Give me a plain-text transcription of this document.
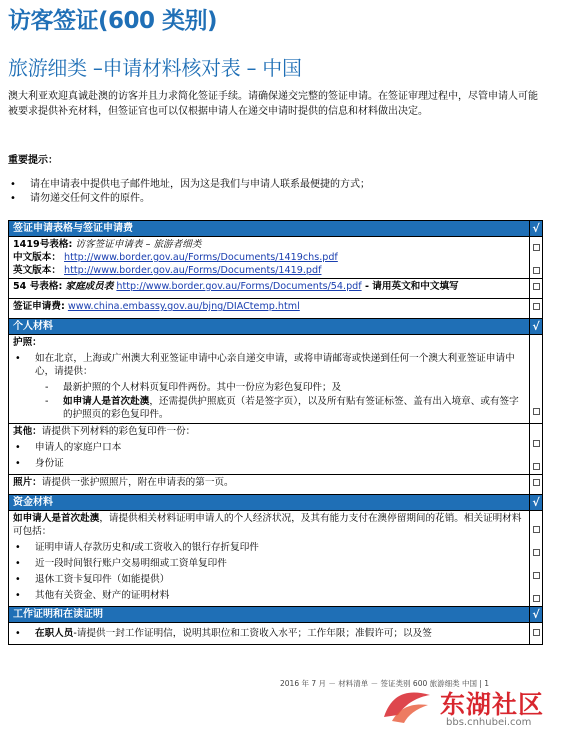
访客签证(600 类别)
旅游细类 –申请材料核对表 – 中国
澳大利亚欢迎真诚赴澳的访客并且力求简化签证手续。请确保递交完整的签证申请。在签证审理过程中，尽管申请人可能被要求提供补充材料，但签证官也可以仅根据申请人在递交申请时提供的信息和材料做出决定。
重要提示：
• 请在申请表中提供电子邮件地址，因为这是我们与申请人联系最便捷的方式；
• 请勿递交任何文件的原件。
签证申请表格与签证申请费	√

1419号表格: 访客签证申请表 – 旅游者细类
中文版本： http://www.border.gov.au/Forms/Documents/1419chs.pdf
英文版本： http://www.border.gov.au/Forms/Documents/1419.pdf	

54 号表格: 家庭成员表 http://www.border.gov.au/Forms/Documents/54.pdf - 请用英文和中文填写	
签证申请费: www.china.embassy.gov.au/bjng/DIACtemp.html	
个人材料	√

护照：
• 如在北京，上海或广州澳大利亚签证申请中心亲自递交申请，或将申请邮寄或快递到任何一个澳大利亚签证申请中心，请提供：
- 最新护照的个人材料页复印件两份。其中一份应为彩色复印件；及
- 如申请人是首次赴澳，还需提供护照底页（若是签字页），以及所有贴有签证标签、盖有出入境章、或有签字的护照页的彩色复印件。

其他：请提供下列材料的彩色复印件一份：
• 申请人的家庭户口本
• 身份证

照片：请提供一张护照照片，附在申请表的第一页。	
资金材料	√

如申请人是首次赴澳，请提供相关材料证明申请人的个人经济状况，及其有能力支付在澳停留期间的花销。相关证明材料可包括：
• 证明申请人存款历史和/或工资收入的银行存折复印件
• 近一段时间银行账户交易明细或工资单复印件
• 退休工资卡复印件（如能提供）
• 其他有关资金、财产的证明材料

工作证明和在读证明	√

• 在职人员-请提供一封工作证明信，说明其职位和工资收入水平；工作年限；准假许可；以及签

2016 年 7 月 － 材料清单 － 签证类别 600 旅游细类 中国 | 1
东湖社区
bbs.cnhubei.com
